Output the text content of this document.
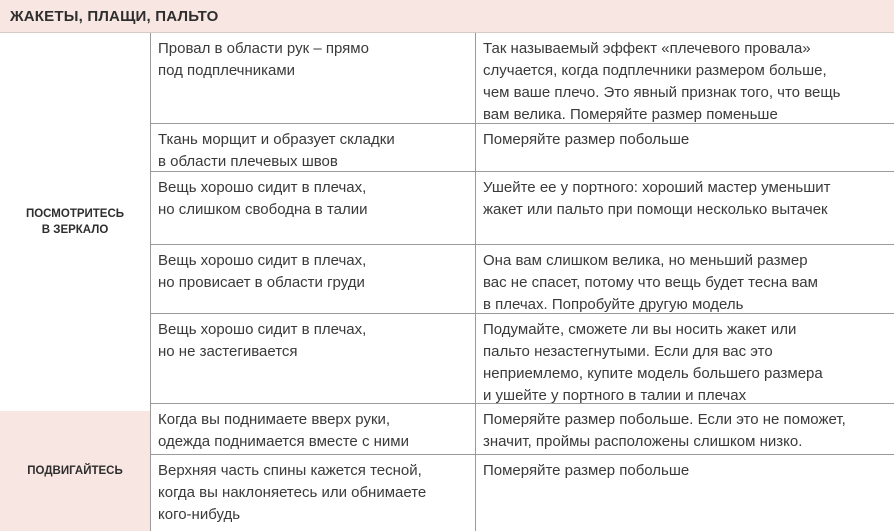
ЖАКЕТЫ, ПЛАЩИ, ПАЛЬТО
ПОСМОТРИТЕСЬ
В ЗЕРКАЛО
ПОДВИГАЙТЕСЬ
Провал в области рук – прямо
под подплечниками
Так называемый эффект «плечевого провала»
случается, когда подплечники размером больше,
чем ваше плечо. Это явный признак того, что вещь
вам велика. Померяйте размер поменьше
Ткань морщит и образует складки
в области плечевых швов
Померяйте размер побольше
Вещь хорошо сидит в плечах,
но слишком свободна в талии
Ушейте ее у портного: хороший мастер уменьшит
жакет или пальто при помощи несколько вытачек
Вещь хорошо сидит в плечах,
но провисает в области груди
Она вам слишком велика, но меньший размер
вас не спасет, потому что вещь будет тесна вам
в плечах. Попробуйте другую модель
Вещь хорошо сидит в плечах,
но не застегивается
Подумайте, сможете ли вы носить жакет или
пальто незастегнутыми. Если для вас это
неприемлемо, купите модель большего размера
и ушейте у портного в талии и плечах
Когда вы поднимаете вверх руки,
одежда поднимается вместе с ними
Померяйте размер побольше. Если это не поможет,
значит, проймы расположены слишком низко.
Верхняя часть спины кажется тесной,
когда вы наклоняетесь или обнимаете
кого-нибудь
Померяйте размер побольше
